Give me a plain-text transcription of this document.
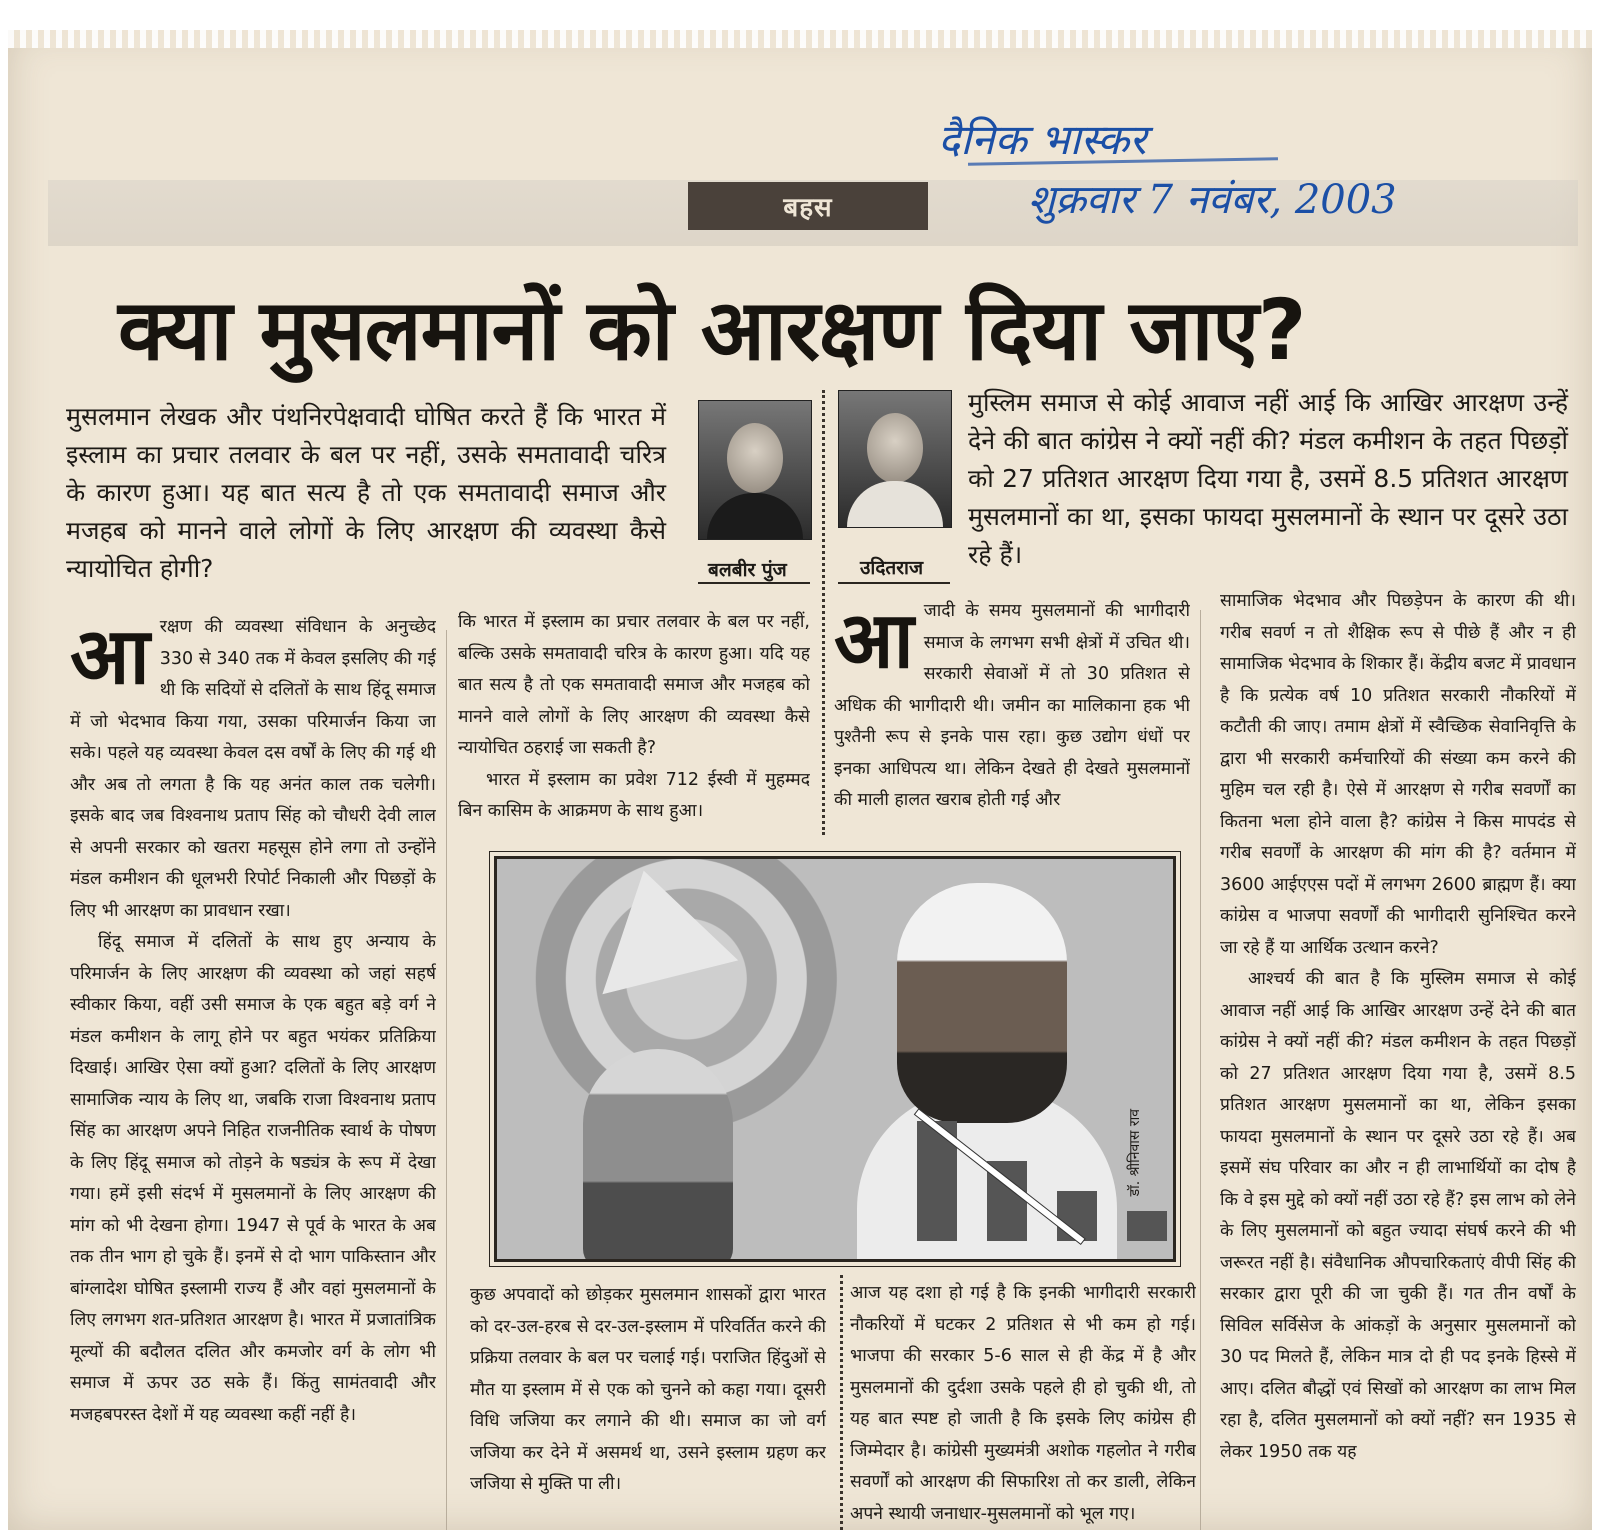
दैनिक भास्कर
शुक्रवार 7 नवंबर, 2003
बहस
क्या मुसलमानों को आरक्षण दिया जाए?
मुसलमान लेखक और पंथनिरपेक्षवादी घोषित करते हैं कि भारत में इस्लाम का प्रचार तलवार के बल पर नहीं, उसके समतावादी चरित्र के कारण हुआ। यह बात सत्य है तो एक समतावादी समाज और मजहब को मानने वाले लोगों के लिए आरक्षण की व्यवस्था कैसे न्यायोचित होगी?
मुस्लिम समाज से कोई आवाज नहीं आई कि आखिर आरक्षण उन्हें देने की बात कांग्रेस ने क्यों नहीं की? मंडल कमीशन के तहत पिछड़ों को 27 प्रतिशत आरक्षण दिया गया है, उसमें 8.5 प्रतिशत आरक्षण मुसलमानों का था, इसका फायदा मुसलमानों के स्थान पर दूसरे उठा रहे हैं।
बलबीर पुंज	उदितराज

आरक्षण की व्यवस्था संविधान के अनुच्छेद 330 से 340 तक में केवल इसलिए की गई थी कि सदियों से दलितों के साथ हिंदू समाज में जो भेदभाव किया गया, उसका परिमार्जन किया जा सके। पहले यह व्यवस्था केवल दस वर्षों के लिए की गई थी और अब तो लगता है कि यह अनंत काल तक चलेगी। इसके बाद जब विश्वनाथ प्रताप सिंह को चौधरी देवी लाल से अपनी सरकार को खतरा महसूस होने लगा तो उन्होंने मंडल कमीशन की धूलभरी रिपोर्ट निकाली और पिछड़ों के लिए भी आरक्षण का प्रावधान रखा।

हिंदू समाज में दलितों के साथ हुए अन्याय के परिमार्जन के लिए आरक्षण की व्यवस्था को जहां सहर्ष स्वीकार किया, वहीं उसी समाज के एक बहुत बड़े वर्ग ने मंडल कमीशन के लागू होने पर बहुत भयंकर प्रतिक्रिया दिखाई। आखिर ऐसा क्यों हुआ? दलितों के लिए आरक्षण सामाजिक न्याय के लिए था, जबकि राजा विश्वनाथ प्रताप सिंह का आरक्षण अपने निहित राजनीतिक स्वार्थ के पोषण के लिए हिंदू समाज को तोड़ने के षड्यंत्र के रूप में देखा गया। हमें इसी संदर्भ में मुसलमानों के लिए आरक्षण की मांग को भी देखना होगा। 1947 से पूर्व के भारत के अब तक तीन भाग हो चुके हैं। इनमें से दो भाग पाकिस्तान और बांग्लादेश घोषित इस्लामी राज्य हैं और वहां मुसलमानों के लिए लगभग शत-प्रतिशत आरक्षण है। भारत में प्रजातांत्रिक मूल्यों की बदौलत दलित और कमजोर वर्ग के लोग भी समाज में ऊपर उठ सके हैं। किंतु सामंतवादी और मजहबपरस्त देशों में यह व्यवस्था कहीं नहीं है।

कि भारत में इस्लाम का प्रचार तलवार के बल पर नहीं, बल्कि उसके समतावादी चरित्र के कारण हुआ। यदि यह बात सत्य है तो एक समतावादी समाज और मजहब को मानने वाले लोगों के लिए आरक्षण की व्यवस्था कैसे न्यायोचित ठहराई जा सकती है?

भारत में इस्लाम का प्रवेश 712 ईस्वी में मुहम्मद बिन कासिम के आक्रमण के साथ हुआ।

आजादी के समय मुसलमानों की भागीदारी समाज के लगभग सभी क्षेत्रों में उचित थी। सरकारी सेवाओं में तो 30 प्रतिशत से अधिक की भागीदारी थी। जमीन का मालिकाना हक भी पुश्तैनी रूप से इनके पास रहा। कुछ उद्योग धंधों पर इनका आधिपत्य था। लेकिन देखते ही देखते मुसलमानों की माली हालत खराब होती गई और

सामाजिक भेदभाव और पिछड़ेपन के कारण की थी। गरीब सवर्ण न तो शैक्षिक रूप से पीछे हैं और न ही सामाजिक भेदभाव के शिकार हैं। केंद्रीय बजट में प्रावधान है कि प्रत्येक वर्ष 10 प्रतिशत सरकारी नौकरियों में कटौती की जाए। तमाम क्षेत्रों में स्वैच्छिक सेवानिवृत्ति के द्वारा भी सरकारी कर्मचारियों की संख्या कम करने की मुहिम चल रही है। ऐसे में आरक्षण से गरीब सवर्णों का कितना भला होने वाला है? कांग्रेस ने किस मापदंड से गरीब सवर्णों के आरक्षण की मांग की है? वर्तमान में 3600 आईएएस पदों में लगभग 2600 ब्राह्मण हैं। क्या कांग्रेस व भाजपा सवर्णों की भागीदारी सुनिश्चित करने जा रहे हैं या आर्थिक उत्थान करने?

आश्चर्य की बात है कि मुस्लिम समाज से कोई आवाज नहीं आई कि आखिर आरक्षण उन्हें देने की बात कांग्रेस ने क्यों नहीं की? मंडल कमीशन के तहत पिछड़ों को 27 प्रतिशत आरक्षण दिया गया है, उसमें 8.5 प्रतिशत आरक्षण मुसलमानों का था, लेकिन इसका फायदा मुसलमानों के स्थान पर दूसरे उठा रहे हैं। अब इसमें संघ परिवार का और न ही लाभार्थियों का दोष है कि वे इस मुद्दे को क्यों नहीं उठा रहे हैं? इस लाभ को लेने के लिए मुसलमानों को बहुत ज्यादा संघर्ष करने की भी जरूरत नहीं है। संवैधानिक औपचारिकताएं वीपी सिंह की सरकार द्वारा पूरी की जा चुकी हैं। गत तीन वर्षों के सिविल सर्विसेज के आंकड़ों के अनुसार मुसलमानों को 30 पद मिलते हैं, लेकिन मात्र दो ही पद इनके हिस्से में आए। दलित बौद्धों एवं सिखों को आरक्षण का लाभ मिल रहा है, दलित मुसलमानों को क्यों नहीं? सन 1935 से लेकर 1950 तक यह

डॉ. श्रीनिवास राव

कुछ अपवादों को छोड़कर मुसलमान शासकों द्वारा भारत को दर-उल-हरब से दर-उल-इस्लाम में परिवर्तित करने की प्रक्रिया तलवार के बल पर चलाई गई। पराजित हिंदुओं से मौत या इस्लाम में से एक को चुनने को कहा गया। दूसरी विधि जजिया कर लगाने की थी। समाज का जो वर्ग जजिया कर देने में असमर्थ था, उसने इस्लाम ग्रहण कर जजिया से मुक्ति पा ली।

आज यह दशा हो गई है कि इनकी भागीदारी सरकारी नौकरियों में घटकर 2 प्रतिशत से भी कम हो गई। भाजपा की सरकार 5-6 साल से ही केंद्र में है और मुसलमानों की दुर्दशा उसके पहले ही हो चुकी थी, तो यह बात स्पष्ट हो जाती है कि इसके लिए कांग्रेस ही जिम्मेदार है। कांग्रेसी मुख्यमंत्री अशोक गहलोत ने गरीब सवर्णों को आरक्षण की सिफारिश तो कर डाली, लेकिन अपने स्थायी जनाधार-मुसलमानों को भूल गए।
